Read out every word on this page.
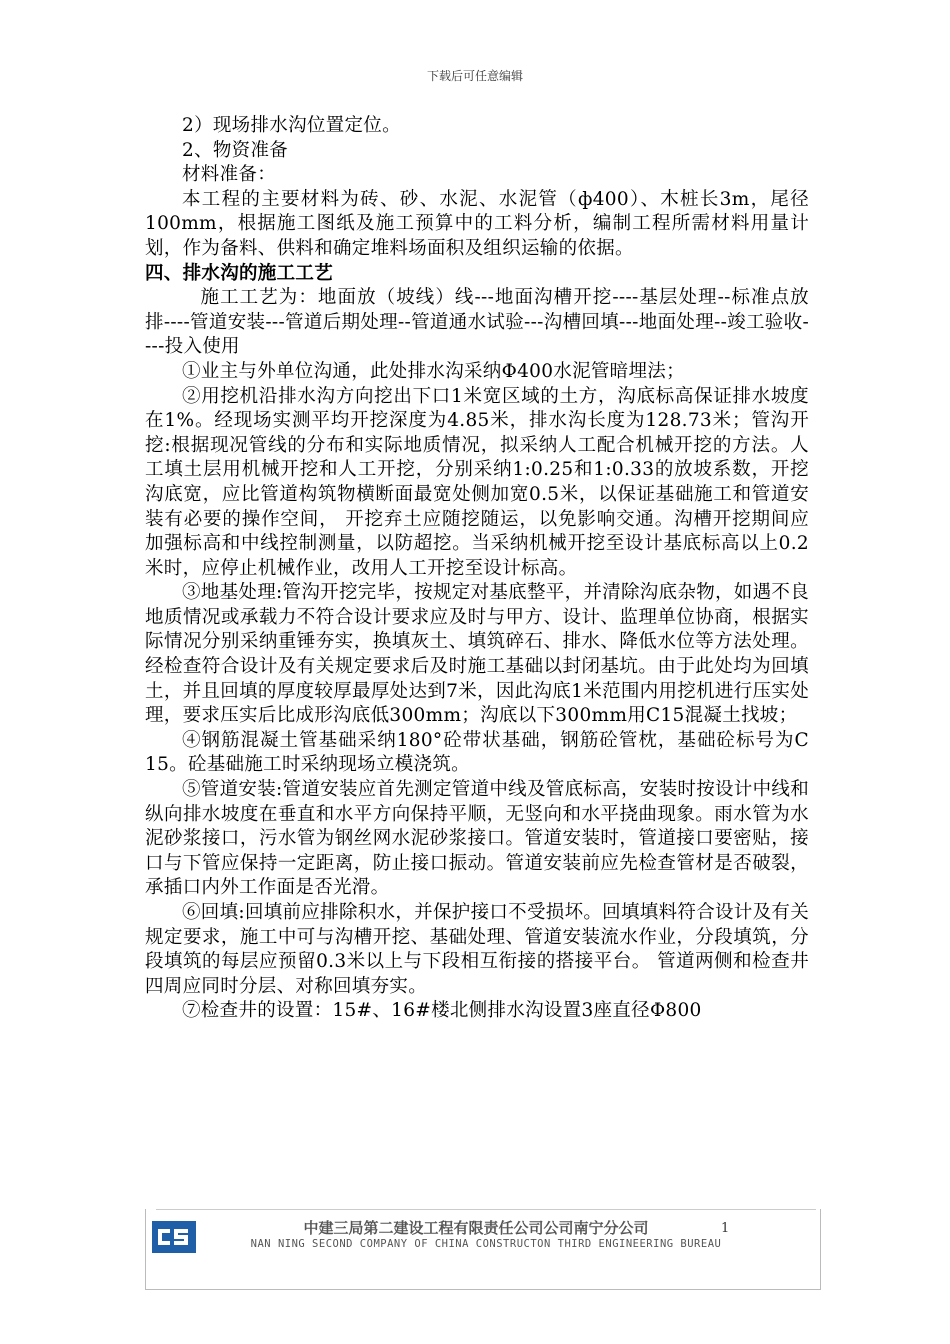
下载后可任意编辑

2）现场排水沟位置定位。

2、物资准备

材料准备：

本工程的主要材料为砖、砂、水泥、水泥管（ф400）、木桩长3m，尾径100mm，根据施工图纸及施工预算中的工料分析，编制工程所需材料用量计划，作为备料、供料和确定堆料场面积及组织运输的依据。

四、排水沟的施工工艺

施工工艺为：地面放（坡线）线---地面沟槽开挖----基层处理--标准点放排----管道安装---管道后期处理--管道通水试验---沟槽回填---地面处理--竣工验收----投入使用

①业主与外单位沟通，此处排水沟采纳Φ400水泥管暗埋法；

②用挖机沿排水沟方向挖出下口1米宽区域的土方，沟底标高保证排水坡度在1%。经现场实测平均开挖深度为4.85米，排水沟长度为128.73米；管沟开挖:根据现况管线的分布和实际地质情况，拟采纳人工配合机械开挖的方法。人工填土层用机械开挖和人工开挖，分别采纳1:0.25和1:0.33的放坡系数，开挖沟底宽，应比管道构筑物横断面最宽处侧加宽0.5米，以保证基础施工和管道安装有必要的操作空间， 开挖弃土应随挖随运，以免影响交通。沟槽开挖期间应加强标高和中线控制测量，以防超挖。当采纳机械开挖至设计基底标高以上0.2米时，应停止机械作业，改用人工开挖至设计标高。

③地基处理:管沟开挖完毕，按规定对基底整平，并清除沟底杂物，如遇不良地质情况或承载力不符合设计要求应及时与甲方、设计、监理单位协商，根据实际情况分别采纳重锤夯实，换填灰土、填筑碎石、排水、降低水位等方法处理。经检查符合设计及有关规定要求后及时施工基础以封闭基坑。由于此处均为回填土，并且回填的厚度较厚最厚处达到7米，因此沟底1米范围内用挖机进行压实处理，要求压实后比成形沟底低300mm；沟底以下300mm用C15混凝土找坡；

④钢筋混凝土管基础采纳180°砼带状基础，钢筋砼管枕，基础砼标号为C 15。砼基础施工时采纳现场立模浇筑。

⑤管道安装:管道安装应首先测定管道中线及管底标高，安装时按设计中线和纵向排水坡度在垂直和水平方向保持平顺，无竖向和水平挠曲现象。雨水管为水泥砂浆接口，污水管为钢丝网水泥砂浆接口。管道安装时，管道接口要密贴，接口与下管应保持一定距离，防止接口振动。管道安装前应先检查管材是否破裂，承插口内外工作面是否光滑。

⑥回填:回填前应排除积水，并保护接口不受损坏。回填填料符合设计及有关规定要求，施工中可与沟槽开挖、基础处理、管道安装流水作业，分段填筑，分段填筑的每层应预留0.3米以上与下段相互衔接的搭接平台。 管道两侧和检查井四周应同时分层、对称回填夯实。

⑦检查井的设置：15#、16#楼北侧排水沟设置3座直径Φ800

中建三局第二建设工程有限责任公司公司南宁分公司
NAN NING SECOND COMPANY OF CHINA CONSTRUCTON THIRD ENGINEERING BUREAU
1
